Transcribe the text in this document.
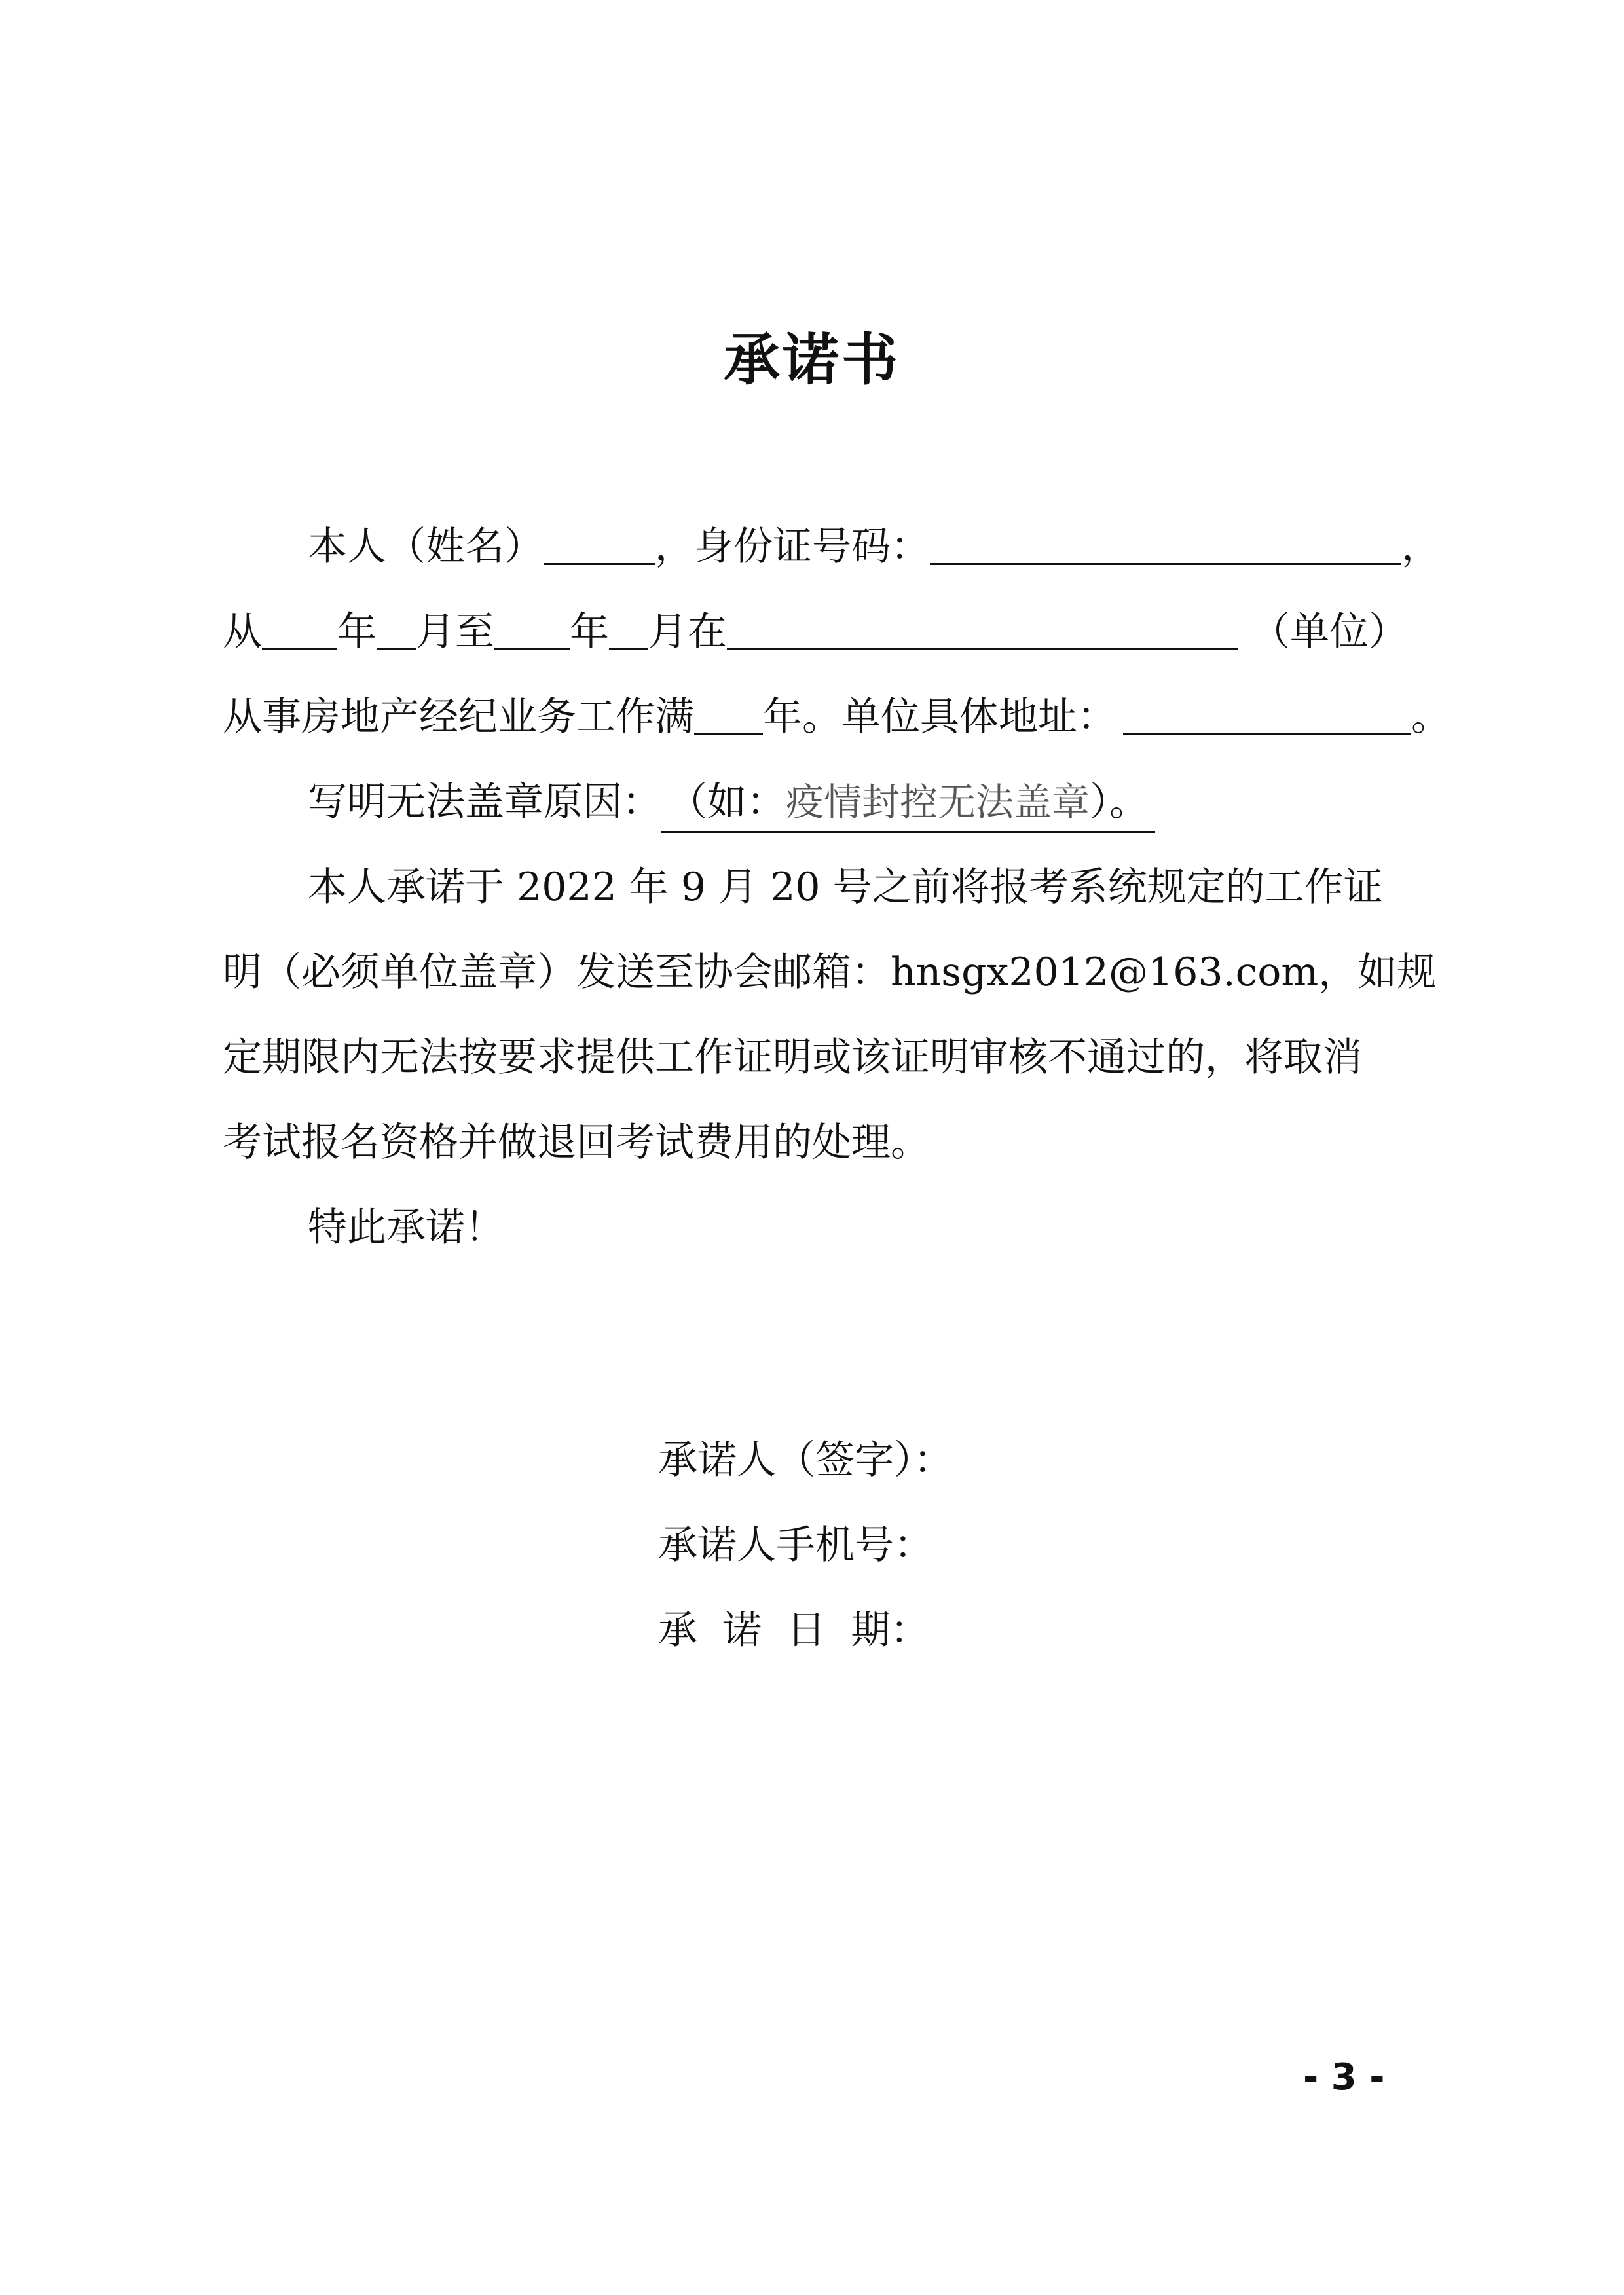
承诺书
本人（姓名）	，身份证号码：	，
从 年 月至 年 月在	（单位）
从事房地产经纪业务工作满 年。单位具体地址：	。
写明无法盖章原因： （如：疫情封控无法盖章）。
本人承诺于 2022 年 9 月 20 号之前将报考系统规定的工作证
明（必须单位盖章）发送至协会邮箱：hnsgx2012@163.com，如规
定期限内无法按要求提供工作证明或该证明审核不通过的，将取消
考试报名资格并做退回考试费用的处理。
特此承诺！
承诺人（签字）：
承诺人手机号：
承  诺  日  期：
- 3 -
